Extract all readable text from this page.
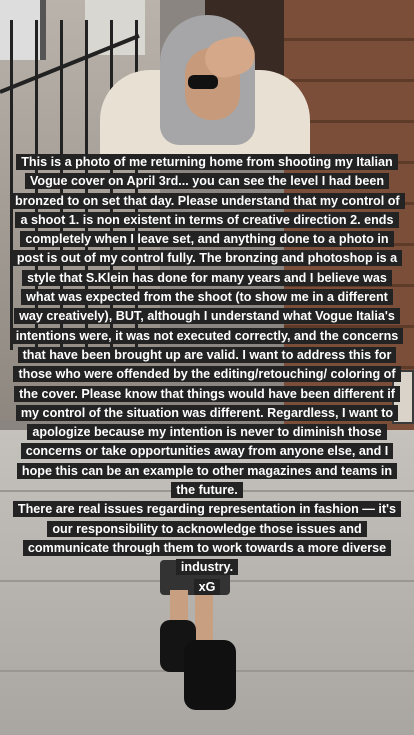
This is a photo of me returning home from shooting my Italian Vogue cover on April 3rd... you can see the level I had been bronzed to on set that day. Please understand that my control of a shoot 1. is non existent in terms of creative direction 2. ends completely when I leave set, and anything done to a photo in post is out of my control fully. The bronzing and photoshop is a style that S.Klein has done for many years and I believe was what was expected from the shoot (to show me in a different way creatively), BUT, although I understand what Vogue Italia's intentions were, it was not executed correctly, and the concerns that have been brought up are valid. I want to address this for those who were offended by the editing/retouching/ coloring of the cover. Please know that things would have been different if my control of the situation was different. Regardless, I want to apologize because my intention is never to diminish those concerns or take opportunities away from anyone else, and I hope this can be an example to other magazines and teams in the future.
There are real issues regarding representation in fashion — it's our responsibility to acknowledge those issues and communicate through them to work towards a more diverse industry.
xG
